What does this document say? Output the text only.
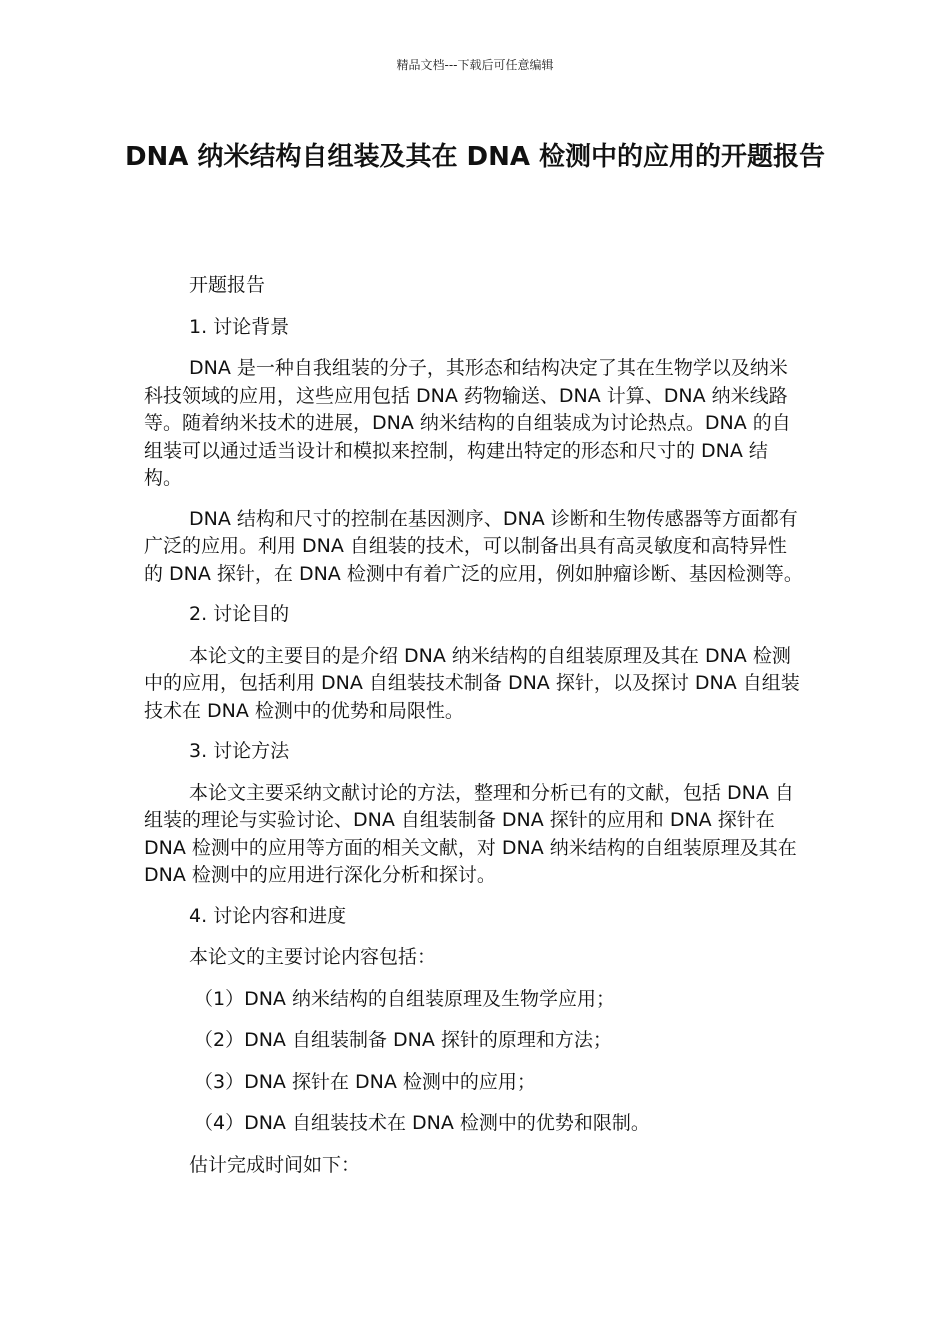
精品文档---下载后可任意编辑
DNA 纳米结构自组装及其在 DNA 检测中的应用的开题报告

开题报告

1. 讨论背景

DNA 是一种自我组装的分子，其形态和结构决定了其在生物学以及纳米科技领域的应用，这些应用包括 DNA 药物输送、DNA 计算、DNA 纳米线路等。随着纳米技术的进展，DNA 纳米结构的自组装成为讨论热点。DNA 的自组装可以通过适当设计和模拟来控制，构建出特定的形态和尺寸的 DNA 结构。

DNA 结构和尺寸的控制在基因测序、DNA 诊断和生物传感器等方面都有广泛的应用。利用 DNA 自组装的技术，可以制备出具有高灵敏度和高特异性的 DNA 探针，在 DNA 检测中有着广泛的应用，例如肿瘤诊断、基因检测等。

2. 讨论目的

本论文的主要目的是介绍 DNA 纳米结构的自组装原理及其在 DNA 检测中的应用，包括利用 DNA 自组装技术制备 DNA 探针，以及探讨 DNA 自组装技术在 DNA 检测中的优势和局限性。

3. 讨论方法

本论文主要采纳文献讨论的方法，整理和分析已有的文献，包括 DNA 自组装的理论与实验讨论、DNA 自组装制备 DNA 探针的应用和 DNA 探针在 DNA 检测中的应用等方面的相关文献，对 DNA 纳米结构的自组装原理及其在 DNA 检测中的应用进行深化分析和探讨。

4. 讨论内容和进度

本论文的主要讨论内容包括：

（1）DNA 纳米结构的自组装原理及生物学应用；

（2）DNA 自组装制备 DNA 探针的原理和方法；

（3）DNA 探针在 DNA 检测中的应用；

（4）DNA 自组装技术在 DNA 检测中的优势和限制。

估计完成时间如下：
